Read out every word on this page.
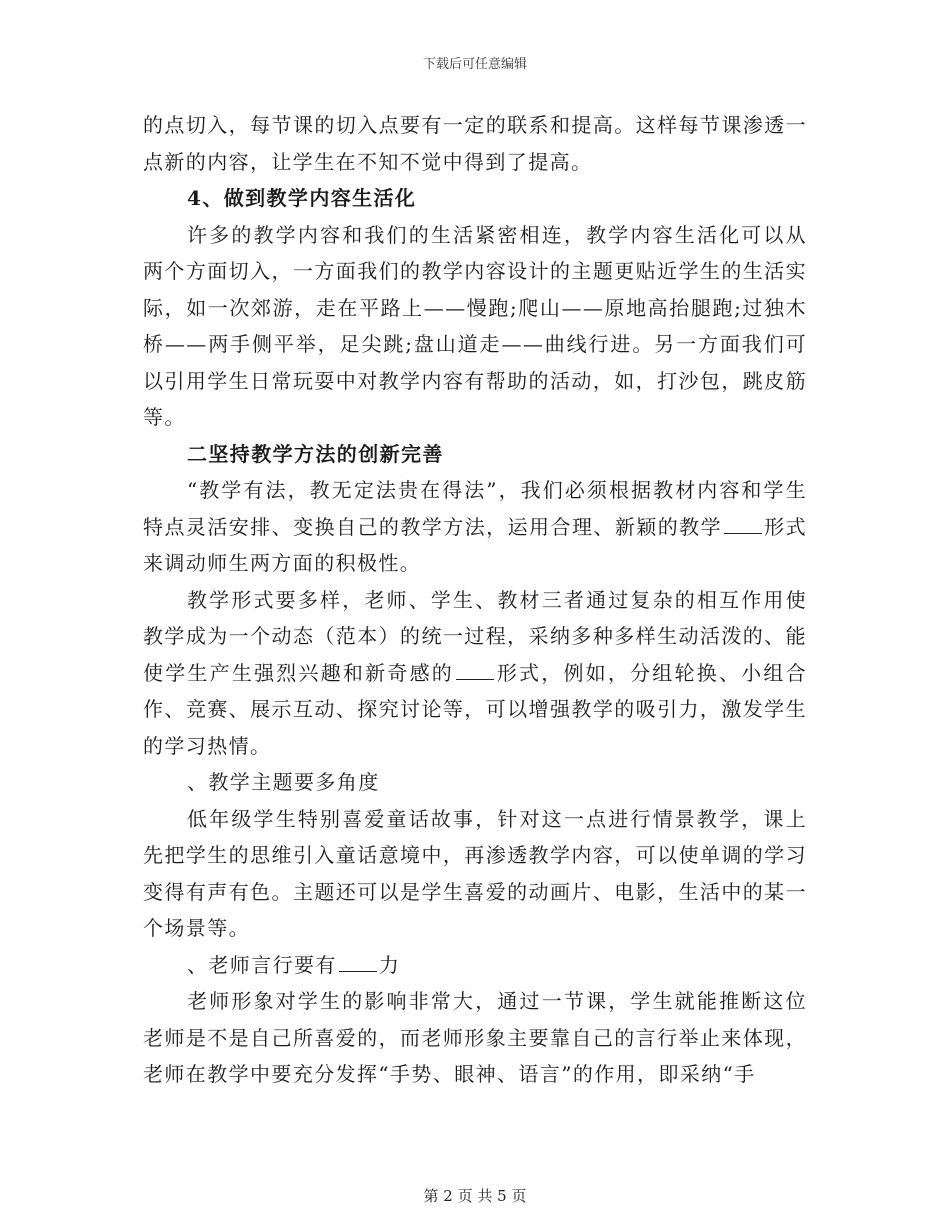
下载后可任意编辑

的点切入，每节课的切入点要有一定的联系和提高。这样每节课渗透一点新的内容，让学生在不知不觉中得到了提高。

4、做到教学内容生活化

许多的教学内容和我们的生活紧密相连，教学内容生活化可以从两个方面切入，一方面我们的教学内容设计的主题更贴近学生的生活实际，如一次郊游，走在平路上——慢跑;爬山——原地高抬腿跑;过独木桥——两手侧平举，足尖跳;盘山道走——曲线行进。另一方面我们可以引用学生日常玩耍中对教学内容有帮助的活动，如，打沙包，跳皮筋等。

二坚持教学方法的创新完善

“教学有法，教无定法贵在得法”，我们必须根据教材内容和学生特点灵活安排、变换自己的教学方法，运用合理、新颖的教学 形式来调动师生两方面的积极性。

教学形式要多样，老师、学生、教材三者通过复杂的相互作用使教学成为一个动态（范本）的统一过程，采纳多种多样生动活泼的、能使学生产生强烈兴趣和新奇感的 形式，例如，分组轮换、小组合作、竞赛、展示互动、探究讨论等，可以增强教学的吸引力，激发学生的学习热情。

、教学主题要多角度

低年级学生特别喜爱童话故事，针对这一点进行情景教学，课上先把学生的思维引入童话意境中，再渗透教学内容，可以使单调的学习变得有声有色。主题还可以是学生喜爱的动画片、电影，生活中的某一个场景等。

、老师言行要有 力

老师形象对学生的影响非常大，通过一节课，学生就能推断这位老师是不是自己所喜爱的，而老师形象主要靠自己的言行举止来体现，老师在教学中要充分发挥“手势、眼神、语言”的作用，即采纳“手

第 2 页 共 5 页
